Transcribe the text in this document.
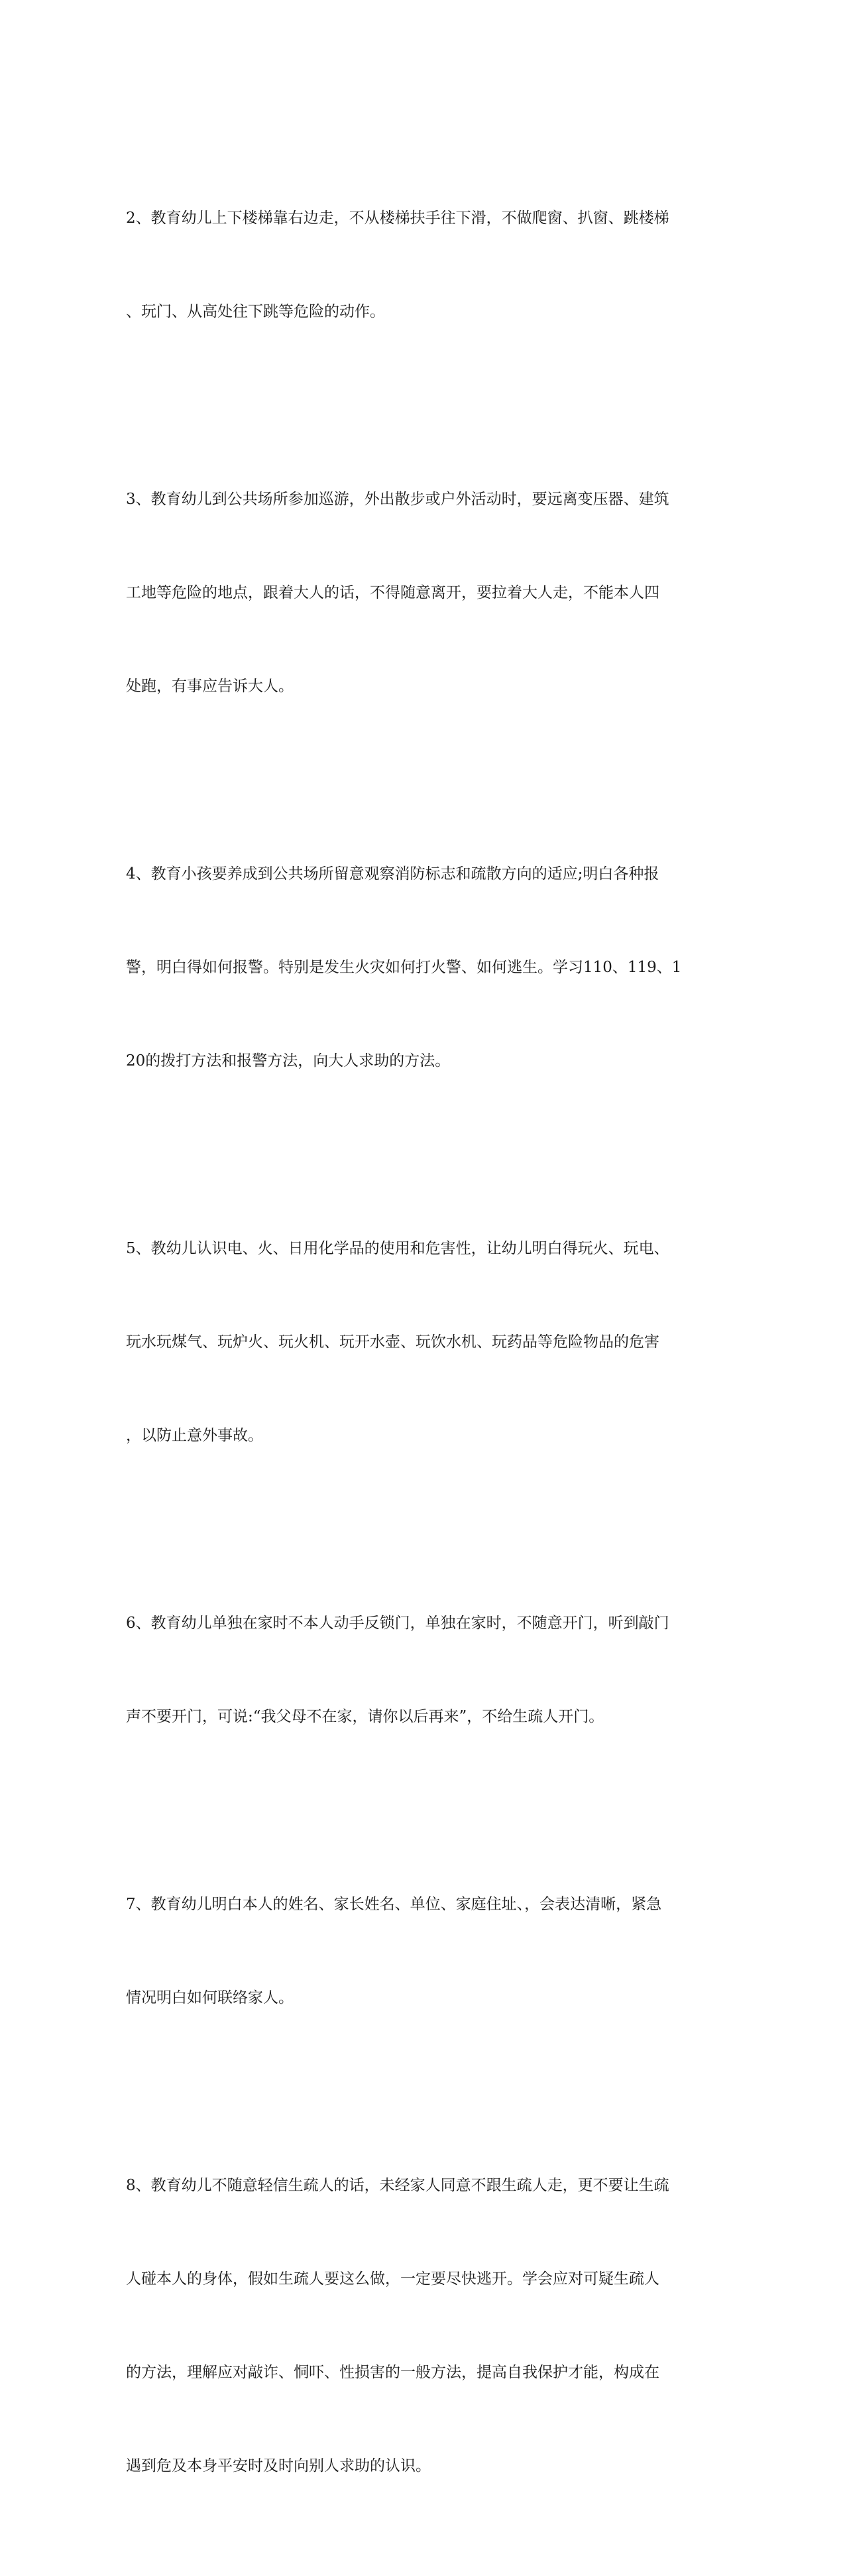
2、教育幼儿上下楼梯靠右边走，不从楼梯扶手往下滑，不做爬窗、扒窗、跳楼梯

、玩门、从高处往下跳等危险的动作。

3、教育幼儿到公共场所参加巡游，外出散步或户外活动时，要远离变压器、建筑

工地等危险的地点，跟着大人的话，不得随意离开，要拉着大人走，不能本人四

处跑，有事应告诉大人。

4、教育小孩要养成到公共场所留意观察消防标志和疏散方向的适应;明白各种报

警，明白得如何报警。特别是发生火灾如何打火警、如何逃生。学习110、119、1

20的拨打方法和报警方法，向大人求助的方法。

5、教幼儿认识电、火、日用化学品的使用和危害性，让幼儿明白得玩火、玩电、

玩水玩煤气、玩炉火、玩火机、玩开水壶、玩饮水机、玩药品等危险物品的危害

，以防止意外事故。

6、教育幼儿单独在家时不本人动手反锁门，单独在家时，不随意开门，听到敲门

声不要开门，可说:“我父母不在家，请你以后再来”，不给生疏人开门。

7、教育幼儿明白本人的姓名、家长姓名、单位、家庭住址、，会表达清晰，紧急

情况明白如何联络家人。

8、教育幼儿不随意轻信生疏人的话，未经家人同意不跟生疏人走，更不要让生疏

人碰本人的身体，假如生疏人要这么做，一定要尽快逃开。学会应对可疑生疏人

的方法，理解应对敲诈、恫吓、性损害的一般方法，提高自我保护才能，构成在

遇到危及本身平安时及时向别人求助的认识。
